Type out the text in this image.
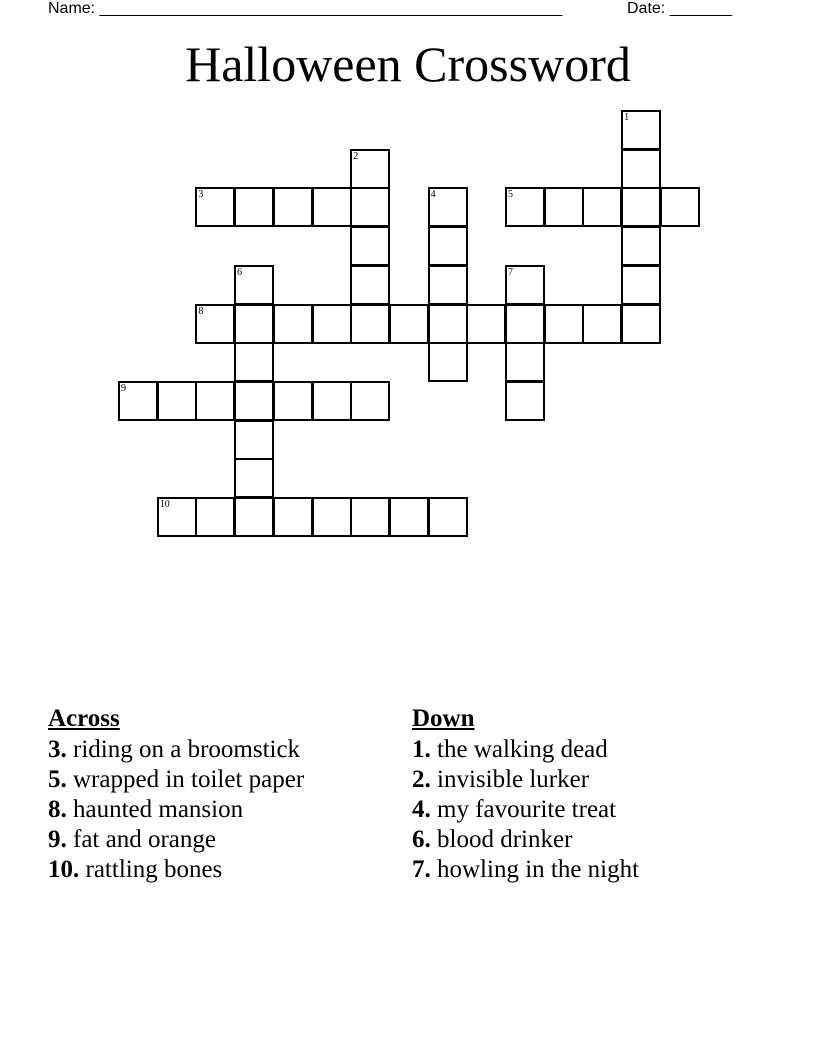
Name: ____________________________________________________	Date: _______
Halloween Crossword
1
2
3	4	5
6	7
8
9
10
Across
3. riding on a broomstick
5. wrapped in toilet paper
8. haunted mansion
9. fat and orange
10. rattling bones
Down
1. the walking dead
2. invisible lurker
4. my favourite treat
6. blood drinker
7. howling in the night
